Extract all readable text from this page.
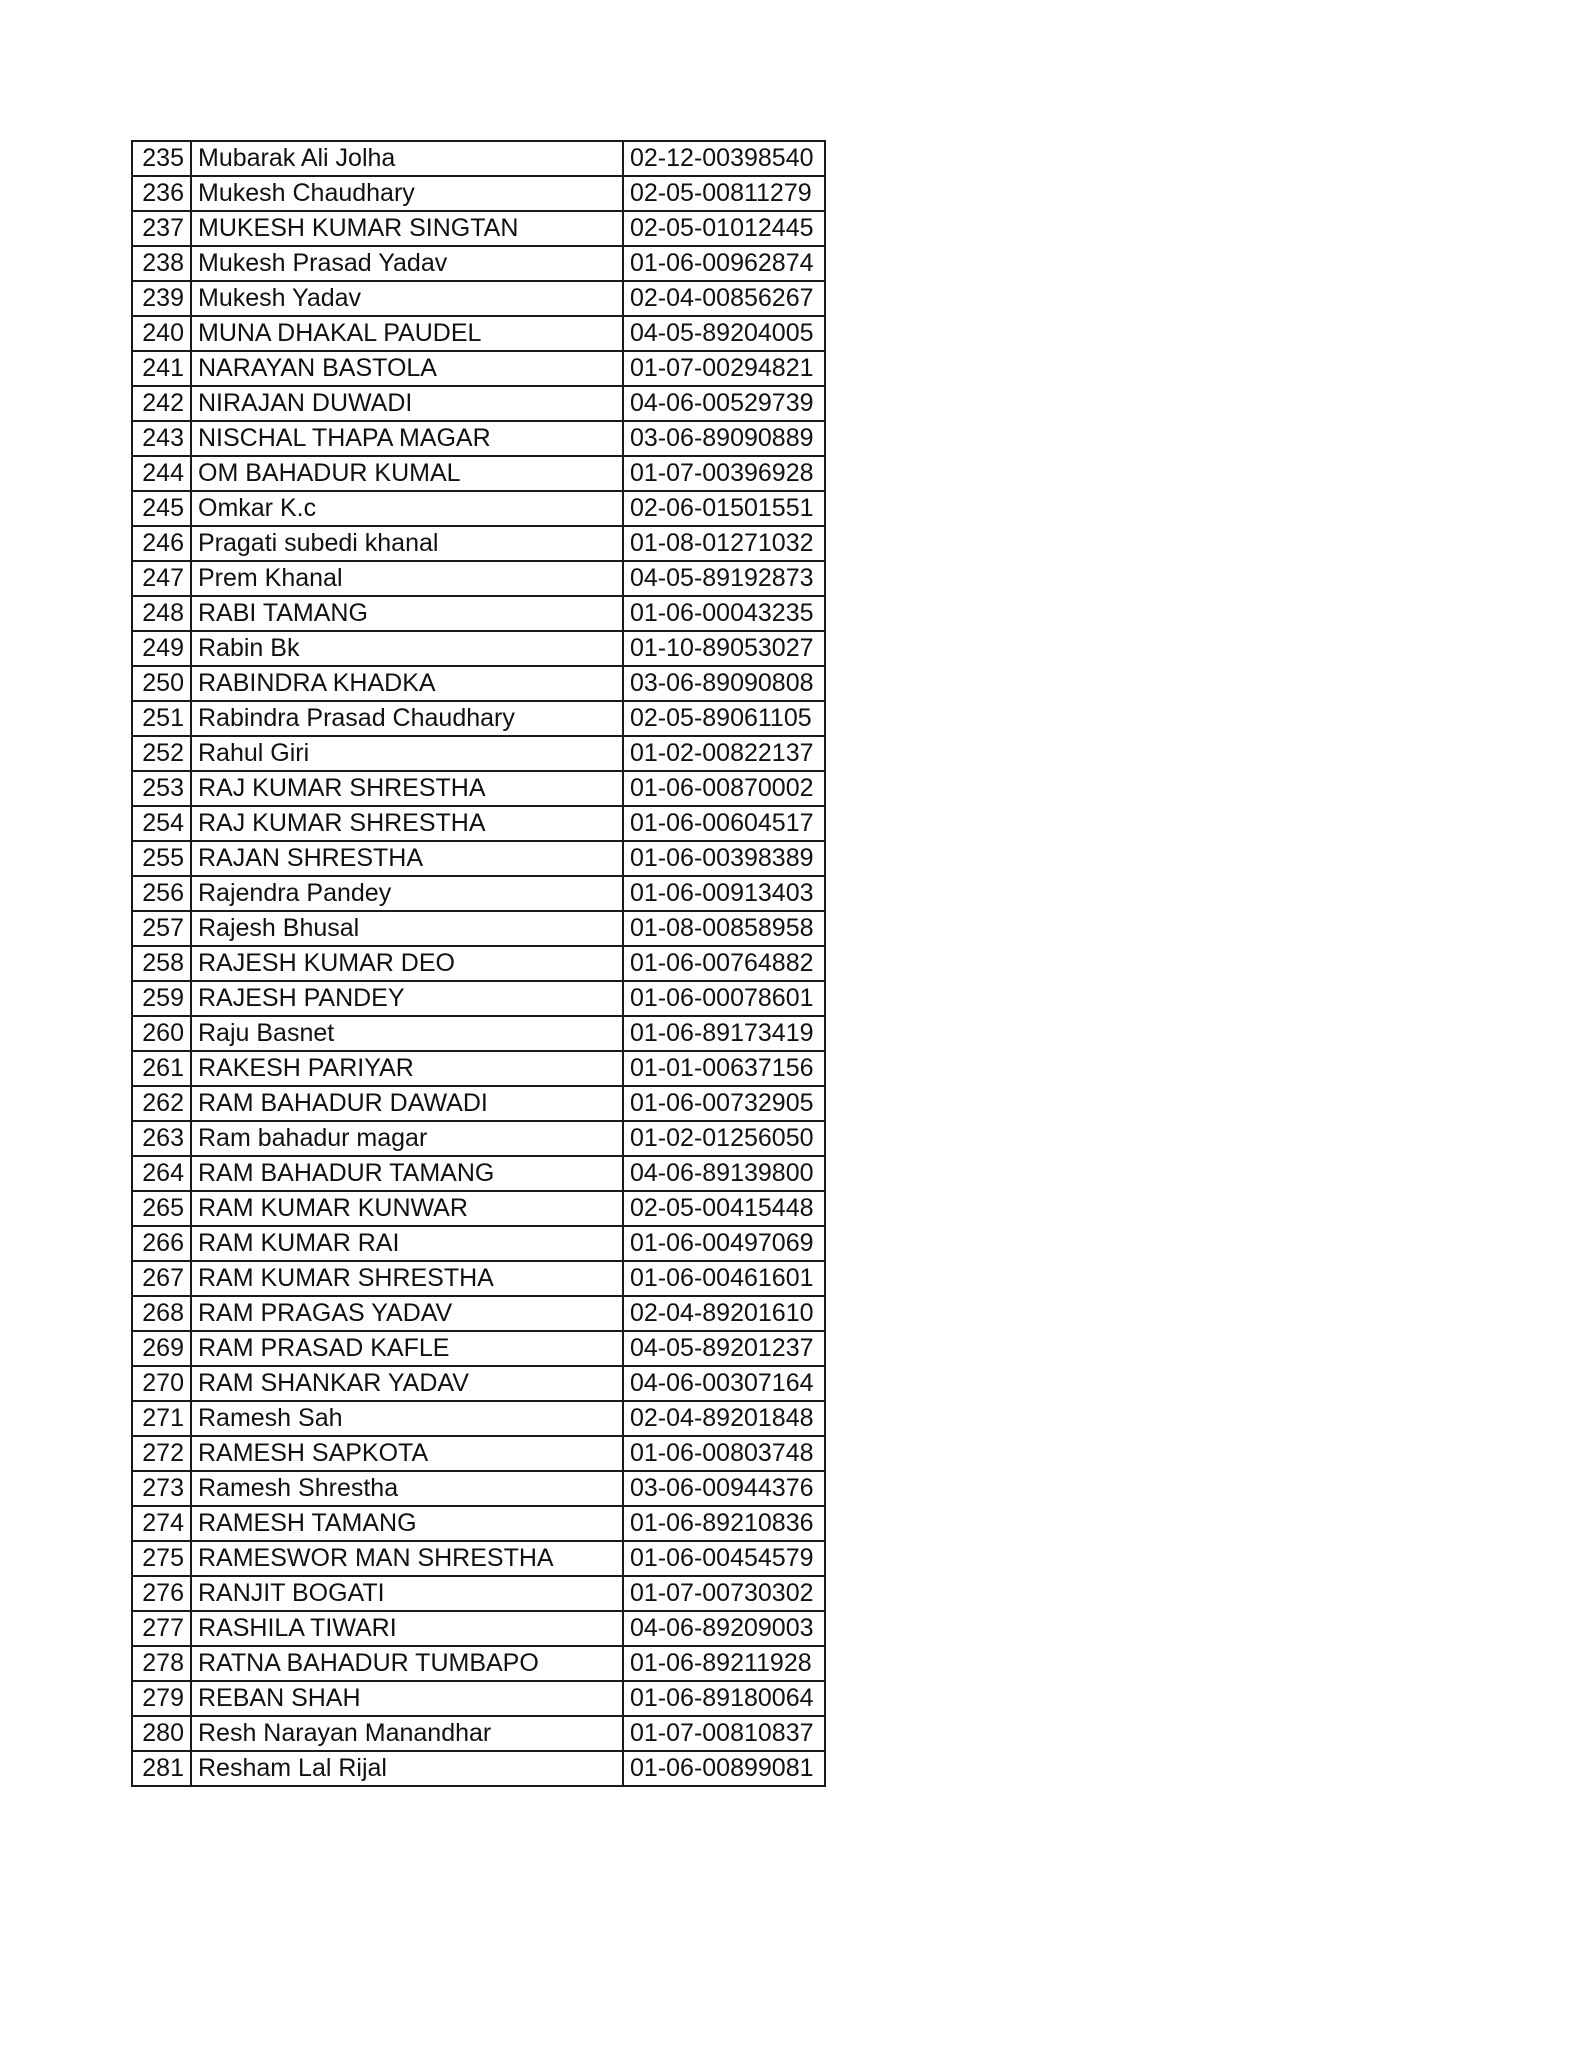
235	Mubarak Ali Jolha	02-12-00398540
236	Mukesh Chaudhary	02-05-00811279
237	MUKESH KUMAR SINGTAN	02-05-01012445
238	Mukesh Prasad Yadav	01-06-00962874
239	Mukesh Yadav	02-04-00856267
240	MUNA DHAKAL PAUDEL	04-05-89204005
241	NARAYAN BASTOLA	01-07-00294821
242	NIRAJAN DUWADI	04-06-00529739
243	NISCHAL THAPA MAGAR	03-06-89090889
244	OM BAHADUR KUMAL	01-07-00396928
245	Omkar K.c	02-06-01501551
246	Pragati subedi khanal	01-08-01271032
247	Prem Khanal	04-05-89192873
248	RABI TAMANG	01-06-00043235
249	Rabin Bk	01-10-89053027
250	RABINDRA KHADKA	03-06-89090808
251	Rabindra Prasad Chaudhary	02-05-89061105
252	Rahul Giri	01-02-00822137
253	RAJ KUMAR SHRESTHA	01-06-00870002
254	RAJ KUMAR SHRESTHA	01-06-00604517
255	RAJAN SHRESTHA	01-06-00398389
256	Rajendra Pandey	01-06-00913403
257	Rajesh Bhusal	01-08-00858958
258	RAJESH KUMAR DEO	01-06-00764882
259	RAJESH PANDEY	01-06-00078601
260	Raju Basnet	01-06-89173419
261	RAKESH PARIYAR	01-01-00637156
262	RAM BAHADUR DAWADI	01-06-00732905
263	Ram bahadur magar	01-02-01256050
264	RAM BAHADUR TAMANG	04-06-89139800
265	RAM KUMAR KUNWAR	02-05-00415448
266	RAM KUMAR RAI	01-06-00497069
267	RAM KUMAR SHRESTHA	01-06-00461601
268	RAM PRAGAS YADAV	02-04-89201610
269	RAM PRASAD KAFLE	04-05-89201237
270	RAM SHANKAR YADAV	04-06-00307164
271	Ramesh Sah	02-04-89201848
272	RAMESH SAPKOTA	01-06-00803748
273	Ramesh Shrestha	03-06-00944376
274	RAMESH TAMANG	01-06-89210836
275	RAMESWOR MAN SHRESTHA	01-06-00454579
276	RANJIT BOGATI	01-07-00730302
277	RASHILA TIWARI	04-06-89209003
278	RATNA BAHADUR TUMBAPO	01-06-89211928
279	REBAN SHAH	01-06-89180064
280	Resh Narayan Manandhar	01-07-00810837
281	Resham Lal Rijal	01-06-00899081
